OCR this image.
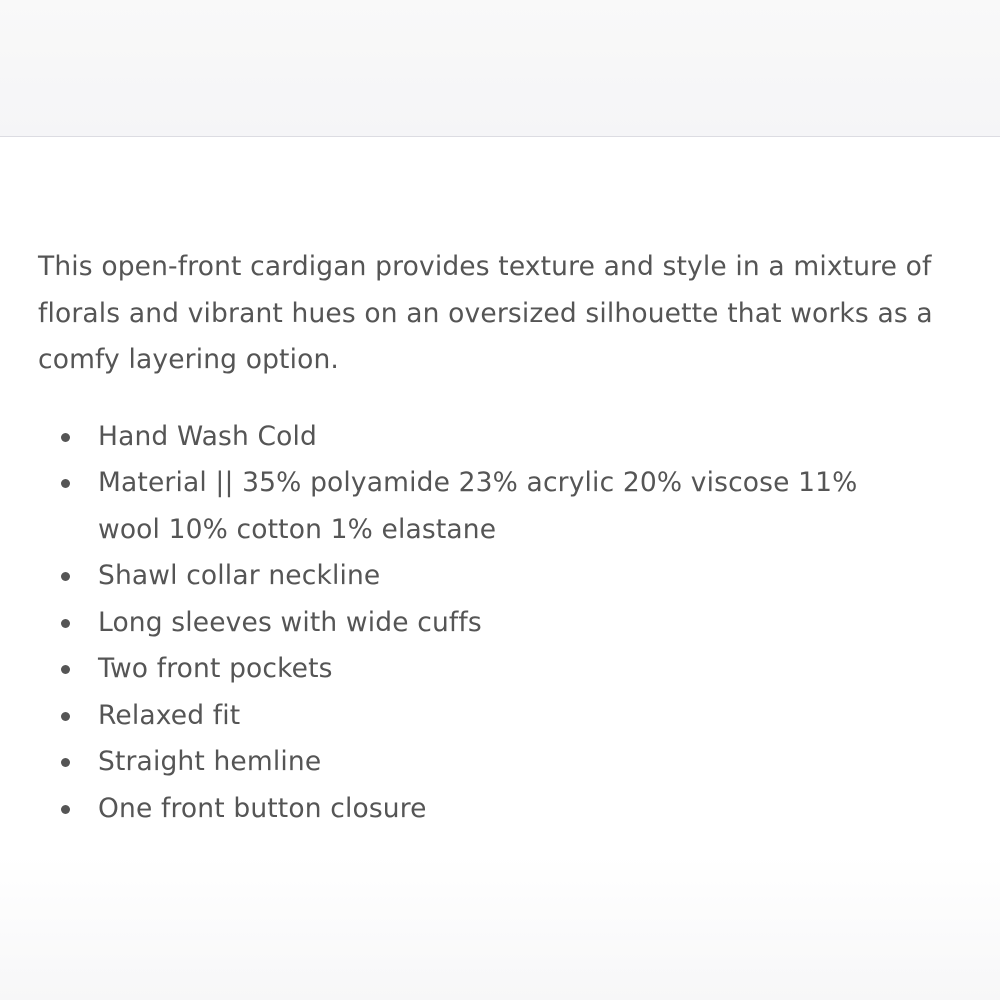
This open-front cardigan provides texture and style in a mixture of
florals and vibrant hues on an oversized silhouette that works as a
comfy layering option.

Hand Wash Cold
Material || 35% polyamide 23% acrylic 20% viscose 11% wool 10% cotton 1% elastane
Shawl collar neckline
Long sleeves with wide cuffs
Two front pockets
Relaxed fit
Straight hemline
One front button closure
